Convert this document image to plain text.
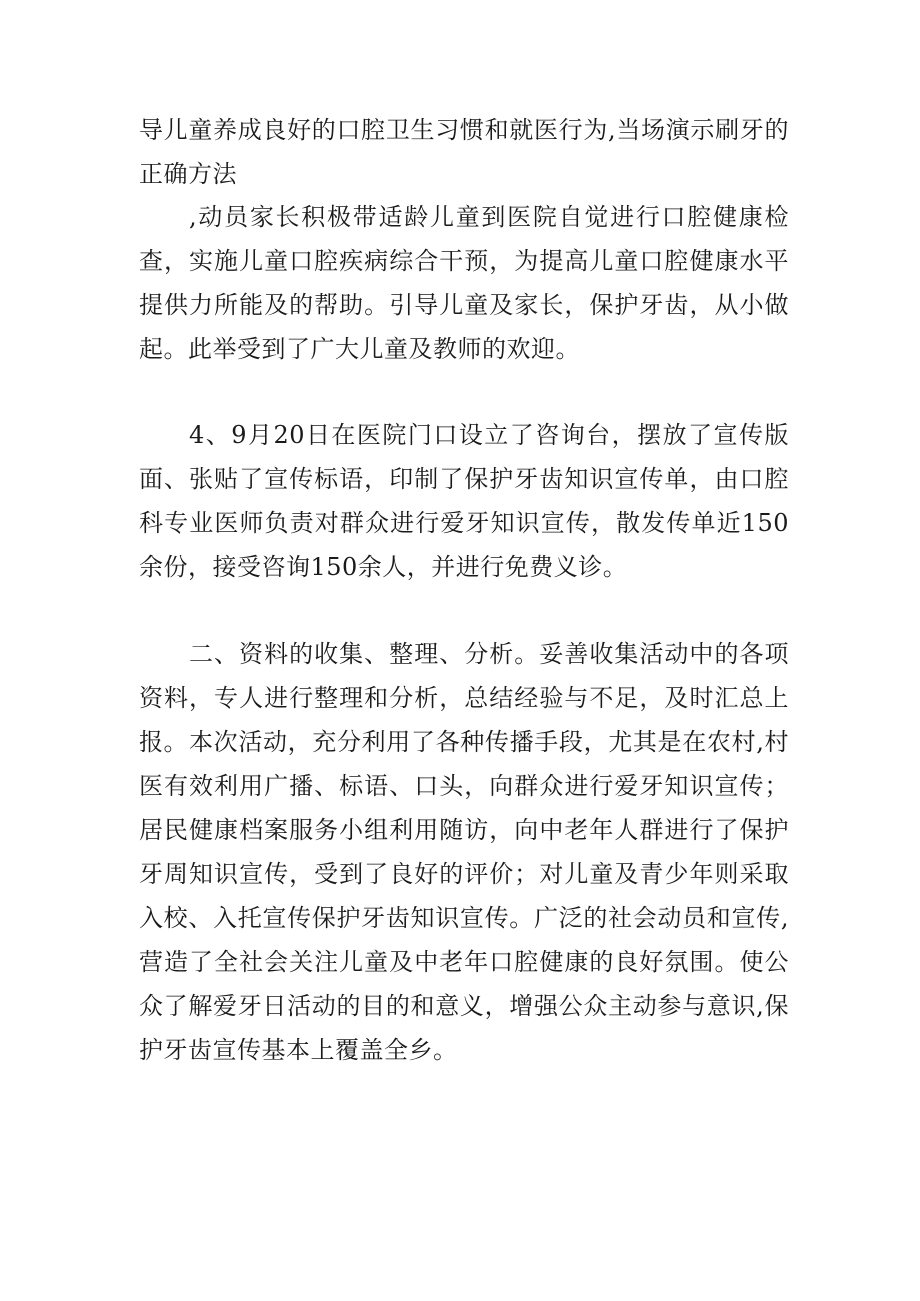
导儿童养成良好的口腔卫生习惯和就医行为,当场演示刷牙的正确方法

,动员家长积极带适龄儿童到医院自觉进行口腔健康检查，实施儿童口腔疾病综合干预，为提高儿童口腔健康水平提供力所能及的帮助。引导儿童及家长，保护牙齿，从小做起。此举受到了广大儿童及教师的欢迎。

4、9月20日在医院门口设立了咨询台，摆放了宣传版面、张贴了宣传标语，印制了保护牙齿知识宣传单，由口腔科专业医师负责对群众进行爱牙知识宣传，散发传单近150余份，接受咨询150余人，并进行免费义诊。

二、资料的收集、整理、分析。妥善收集活动中的各项资料，专人进行整理和分析，总结经验与不足，及时汇总上报。 本次活动，充分利用了各种传播手段，尤其是在农村,村医有效利用广播、标语、口头，向群众进行爱牙知识宣传；居民健康档案服务小组利用随访，向中老年人群进行了保护牙周知识宣传，受到了良好的评价；对儿童及青少年则采取入校、入托宣传保护牙齿知识宣传。广泛的社会动员和宣传,营造了全社会关注儿童及中老年口腔健康的良好氛围。使公众了解爱牙日活动的目的和意义，增强公众主动参与意识,保护牙齿宣传基本上覆盖全乡。
